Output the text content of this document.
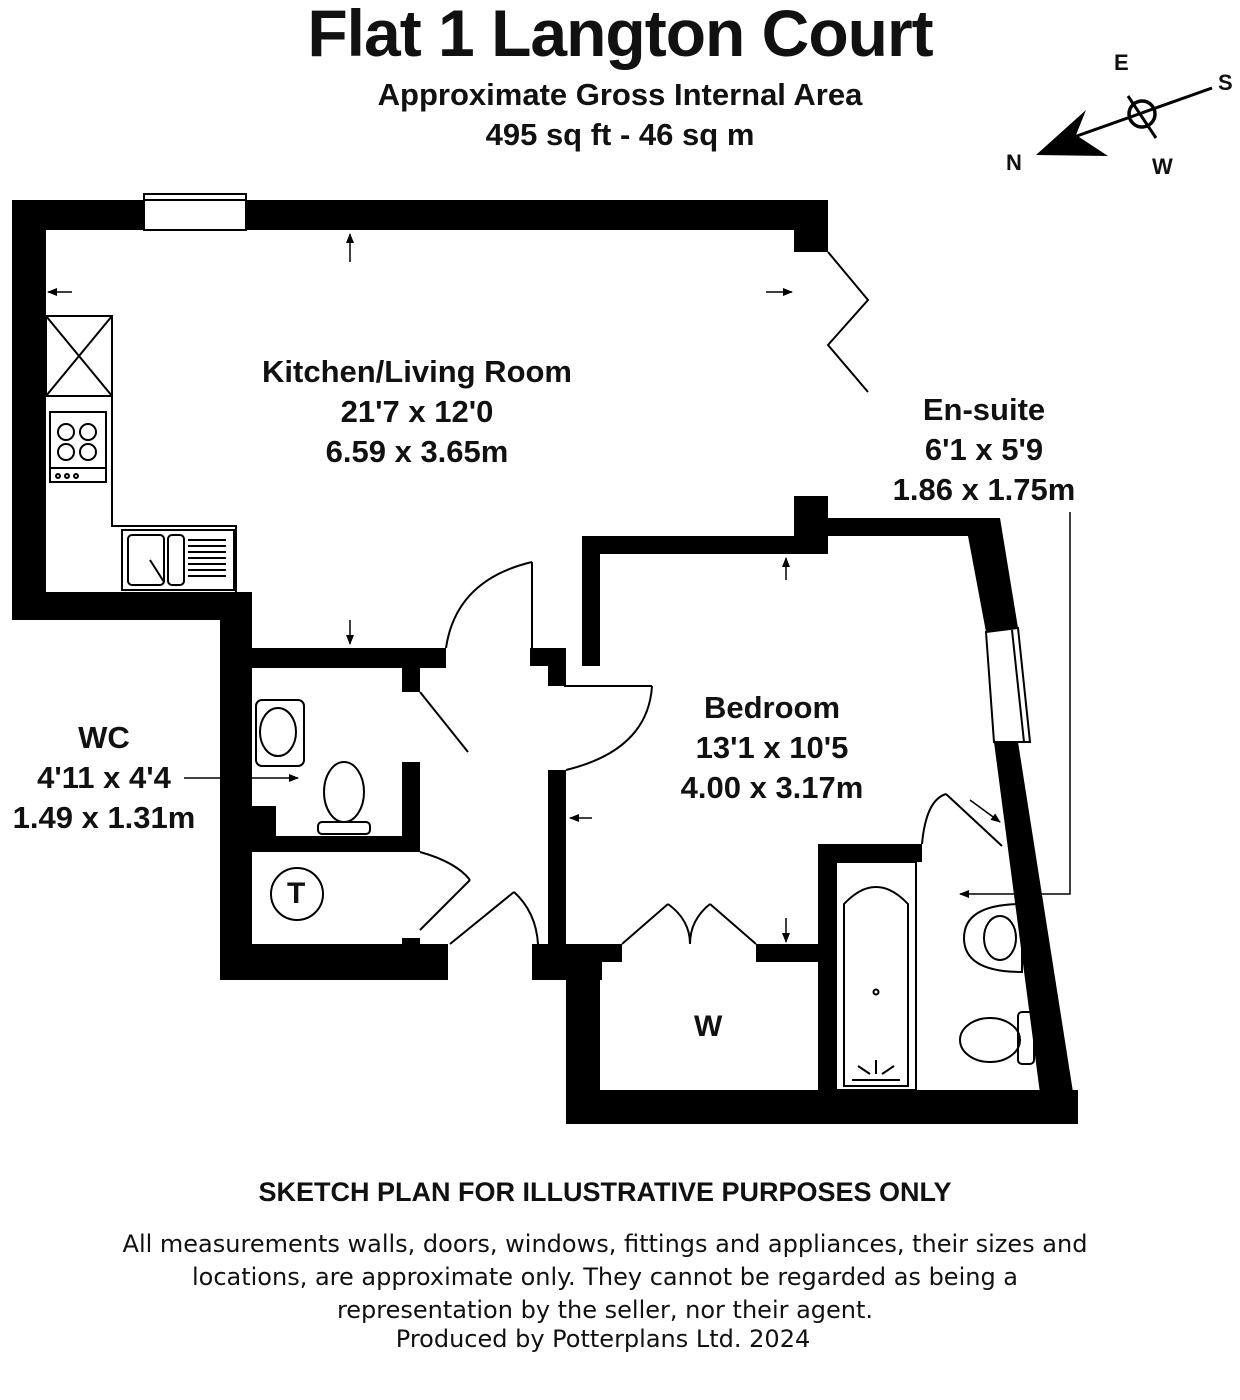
Flat 1 Langton Court
Approximate Gross Internal Area
495 sq ft - 46 sq m
E
S
N	W
Kitchen/Living Room
21'7 x 12'0
6.59 x 3.65m
En-suite
6'1 x 5'9
1.86 x 1.75m
Bedroom
13'1 x 10'5
4.00 x 3.17m
WC
4'11 x 4'4
1.49 x 1.31m
T
W
SKETCH PLAN FOR ILLUSTRATIVE PURPOSES ONLY
All measurements walls, doors, windows, fittings and appliances, their sizes and locations, are approximate only. They cannot be regarded as being a representation by the seller, nor their agent.
Produced by Potterplans Ltd. 2024
